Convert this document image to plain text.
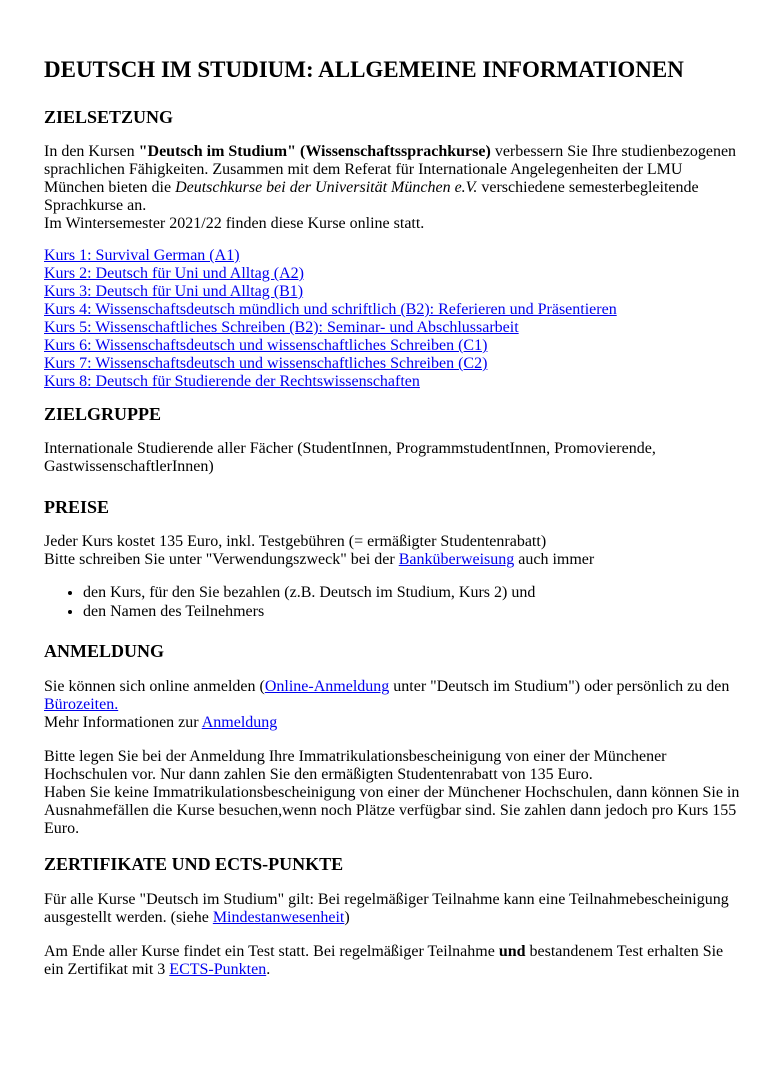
DEUTSCH IM STUDIUM: ALLGEMEINE INFORMATIONEN
ZIELSETZUNG

In den Kursen "Deutsch im Studium" (Wissenschaftssprachkurse) verbessern Sie Ihre studienbezogenen sprachlichen Fähigkeiten. Zusammen mit dem Referat für Internationale Angelegenheiten der LMU München bieten die Deutschkurse bei der Universität München e.V. verschiedene semesterbegleitende Sprachkurse an.
Im Wintersemester 2021/22 finden diese Kurse online statt.

Kurs 1: Survival German (A1)
Kurs 2: Deutsch für Uni und Alltag (A2)
Kurs 3: Deutsch für Uni und Alltag (B1)
Kurs 4: Wissenschaftsdeutsch mündlich und schriftlich (B2): Referieren und Präsentieren
Kurs 5: Wissenschaftliches Schreiben (B2): Seminar- und Abschlussarbeit
Kurs 6: Wissenschaftsdeutsch und wissenschaftliches Schreiben (C1)
Kurs 7: Wissenschaftsdeutsch und wissenschaftliches Schreiben (C2)
Kurs 8: Deutsch für Studierende der Rechtswissenschaften
ZIELGRUPPE

Internationale Studierende aller Fächer (StudentInnen, ProgrammstudentInnen, Promovierende, GastwissenschaftlerInnen)

PREISE

Jeder Kurs kostet 135 Euro, inkl. Testgebühren (= ermäßigter Studentenrabatt)
Bitte schreiben Sie unter "Verwendungszweck" bei der Banküberweisung auch immer

• den Kurs, für den Sie bezahlen (z.B. Deutsch im Studium, Kurs 2) und
• den Namen des Teilnehmers
ANMELDUNG

Sie können sich online anmelden (Online-Anmeldung unter "Deutsch im Studium") oder persönlich zu den Bürozeiten.
Mehr Informationen zur Anmeldung

Bitte legen Sie bei der Anmeldung Ihre Immatrikulationsbescheinigung von einer der Münchener Hochschulen vor. Nur dann zahlen Sie den ermäßigten Studentenrabatt von 135 Euro.
Haben Sie keine Immatrikulationsbescheinigung von einer der Münchener Hochschulen, dann können Sie in Ausnahmefällen die Kurse besuchen,wenn noch Plätze verfügbar sind. Sie zahlen dann jedoch pro Kurs 155 Euro.

ZERTIFIKATE UND ECTS-PUNKTE

Für alle Kurse "Deutsch im Studium" gilt: Bei regelmäßiger Teilnahme kann eine Teilnahmebescheinigung ausgestellt werden. (siehe Mindestanwesenheit)

Am Ende aller Kurse findet ein Test statt. Bei regelmäßiger Teilnahme und bestandenem Test erhalten Sie ein Zertifikat mit 3 ECTS-Punkten.
